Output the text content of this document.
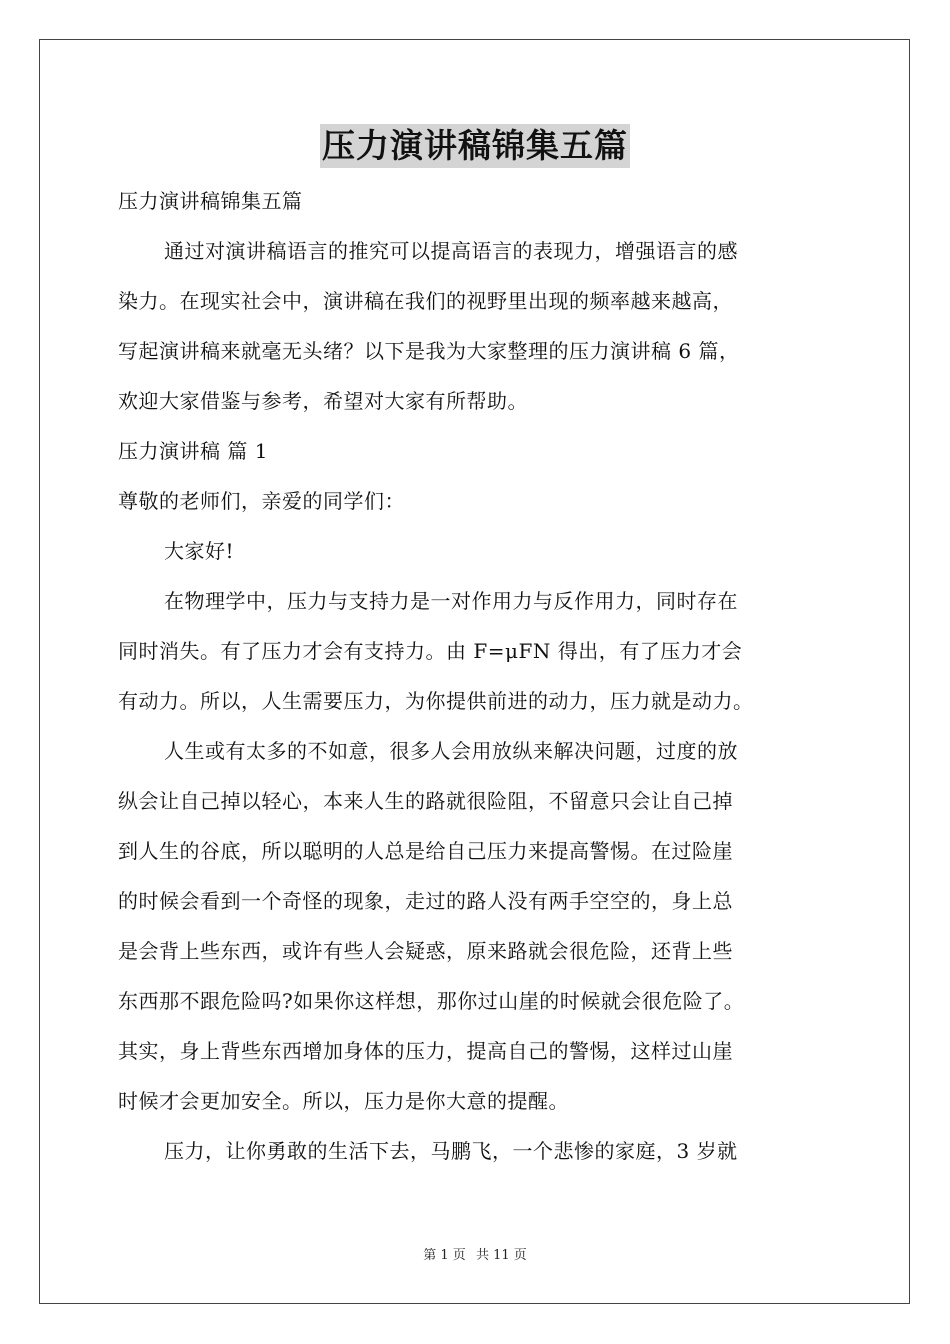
压力演讲稿锦集五篇
压力演讲稿锦集五篇
通过对演讲稿语言的推究可以提高语言的表现力，增强语言的感
染力。在现实社会中，演讲稿在我们的视野里出现的频率越来越高，
写起演讲稿来就毫无头绪？以下是我为大家整理的压力演讲稿 6 篇，
欢迎大家借鉴与参考，希望对大家有所帮助。
压力演讲稿 篇 1
尊敬的老师们，亲爱的同学们：
大家好!
在物理学中，压力与支持力是一对作用力与反作用力，同时存在
同时消失。有了压力才会有支持力。由 F=μFN 得出，有了压力才会
有动力。所以，人生需要压力，为你提供前进的动力，压力就是动力。
人生或有太多的不如意，很多人会用放纵来解决问题，过度的放
纵会让自己掉以轻心，本来人生的路就很险阻，不留意只会让自己掉
到人生的谷底，所以聪明的人总是给自己压力来提高警惕。在过险崖
的时候会看到一个奇怪的现象，走过的路人没有两手空空的，身上总
是会背上些东西，或许有些人会疑惑，原来路就会很危险，还背上些
东西那不跟危险吗?如果你这样想，那你过山崖的时候就会很危险了。
其实，身上背些东西增加身体的压力，提高自己的警惕，这样过山崖
时候才会更加安全。所以，压力是你大意的提醒。
压力，让你勇敢的生活下去，马鹏飞，一个悲惨的家庭，3 岁就
第 1 页 共 11 页
